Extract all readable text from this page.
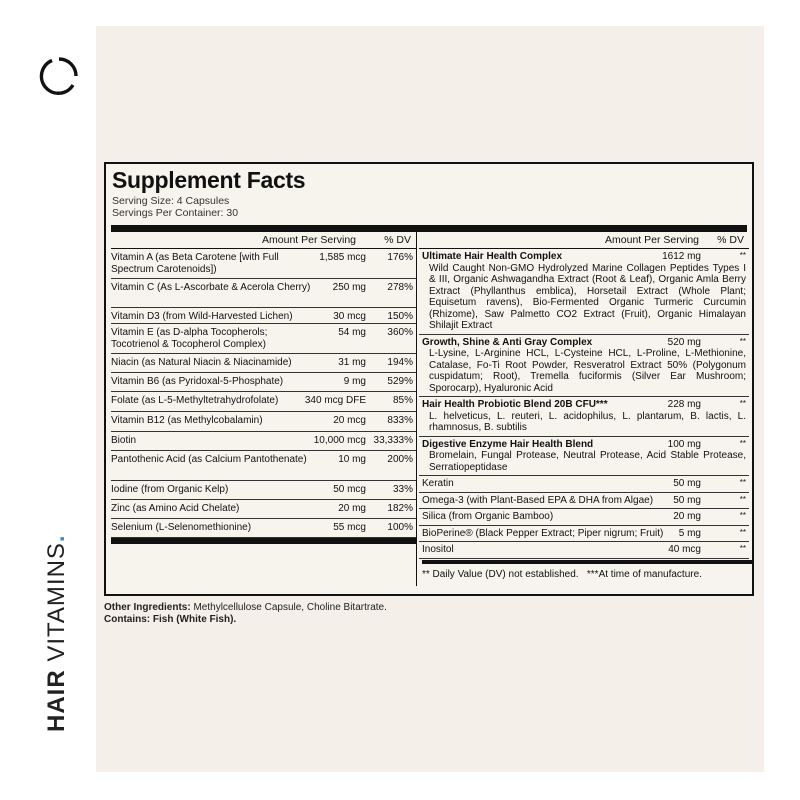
HAIR VITAMINS.
Supplement Facts
Serving Size: 4 Capsules
Servings Per Container: 30
Amount Per Serving	% DV
Vitamin A (as Beta Carotene [with Full Spectrum Carotenoids])
1,585 mcg 176%
Vitamin C (As L-Ascorbate & Acerola Cherry) 250 mg 278%
Vitamin D3 (from Wild-Harvested Lichen)	30 mcg 150%
Vitamin E (as D-alpha Tocopherols; Tocotrienol & Tocopherol Complex)
54 mg 360%
Niacin (as Natural Niacin & Niacinamide)	31 mg 194%
Vitamin B6 (as Pyridoxal-5-Phosphate)	9 mg 529%
Folate (as L-5-Methyltetrahydrofolate)	340 mcg DFE	85%
Vitamin B12 (as Methylcobalamin)	20 mcg 833%
Biotin	10,000 mcg 33,333%
Pantothenic Acid (as Calcium Pantothenate)	10 mg 200%
Iodine (from Organic Kelp)	50 mcg	33%
Zinc (as Amino Acid Chelate)	20 mg 182%
Selenium (L-Selenomethionine)	55 mcg 100%
Amount Per Serving % DV
Ultimate Hair Health Complex	1612 mg	**
Wild Caught Non-GMO Hydrolyzed Marine Collagen Peptides Types I & III, Organic Ashwagandha Extract (Root & Leaf), Organic Amla Berry Extract (Phyllanthus emblica), Horsetail Extract (Whole Plant; Equisetum ravens), Bio-Fermented Organic Turmeric Curcumin (Rhizome), Saw Palmetto CO2 Extract (Fruit), Organic Himalayan Shilajit Extract
Growth, Shine & Anti Gray Complex	520 mg	**
L-Lysine, L-Arginine HCL, L-Cysteine HCL, L-Proline, L-Methionine, Catalase, Fo-Ti Root Powder, Resveratrol Extract 50% (Polygonum cuspidatum; Root), Tremella fuciformis (Silver Ear Mushroom; Sporocarp), Hyaluronic Acid
Hair Health Probiotic Blend 20B CFU***	228 mg	**
L. helveticus, L. reuteri, L. acidophilus, L. plantarum, B. lactis, L. rhamnosus, B. subtilis
Digestive Enzyme Hair Health Blend	100 mg	**
Bromelain, Fungal Protease, Neutral Protease, Acid Stable Protease, Serratiopeptidase
Keratin	50 mg	**
Omega-3 (with Plant-Based EPA & DHA from Algae)	50 mg	**
Silica (from Organic Bamboo)	20 mg	**
BioPerine® (Black Pepper Extract; Piper nigrum; Fruit)	5 mg	**
Inositol	40 mcg	**
** Daily Value (DV) not established.   ***At time of manufacture.
Other Ingredients: Methylcellulose Capsule, Choline Bitartrate.
Contains: Fish (White Fish).
